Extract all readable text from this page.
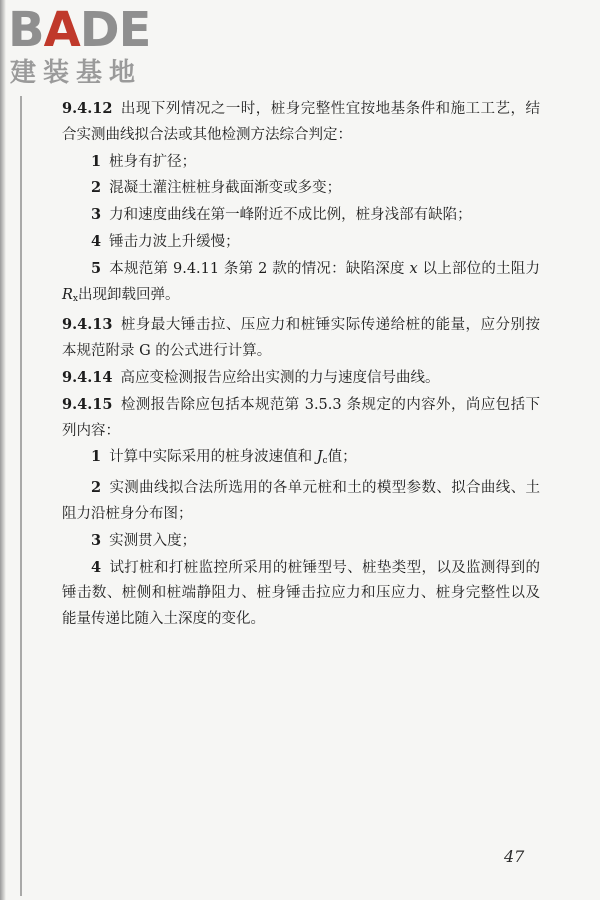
BADE
建装基地

9.4.12 出现下列情况之一时，桩身完整性宜按地基条件和施工工艺，结合实测曲线拟合法或其他检测方法综合判定：

1 桩身有扩径；

2 混凝土灌注桩桩身截面渐变或多变；

3 力和速度曲线在第一峰附近不成比例，桩身浅部有缺陷；

4 锤击力波上升缓慢；

5 本规范第 9.4.11 条第 2 款的情况：缺陷深度 x 以上部位的土阻力 $R_x$出现卸载回弹。

9.4.13 桩身最大锤击拉、压应力和桩锤实际传递给桩的能量，应分别按本规范附录 G 的公式进行计算。

9.4.14 高应变检测报告应给出实测的力与速度信号曲线。

9.4.15 检测报告除应包括本规范第 3.5.3 条规定的内容外，尚应包括下列内容：

1 计算中实际采用的桩身波速值和 $J_c$值；

2 实测曲线拟合法所选用的各单元桩和土的模型参数、拟合曲线、土阻力沿桩身分布图；

3 实测贯入度；

4 试打桩和打桩监控所采用的桩锤型号、桩垫类型，以及监测得到的锤击数、桩侧和桩端静阻力、桩身锤击拉应力和压应力、桩身完整性以及能量传递比随入土深度的变化。

47
